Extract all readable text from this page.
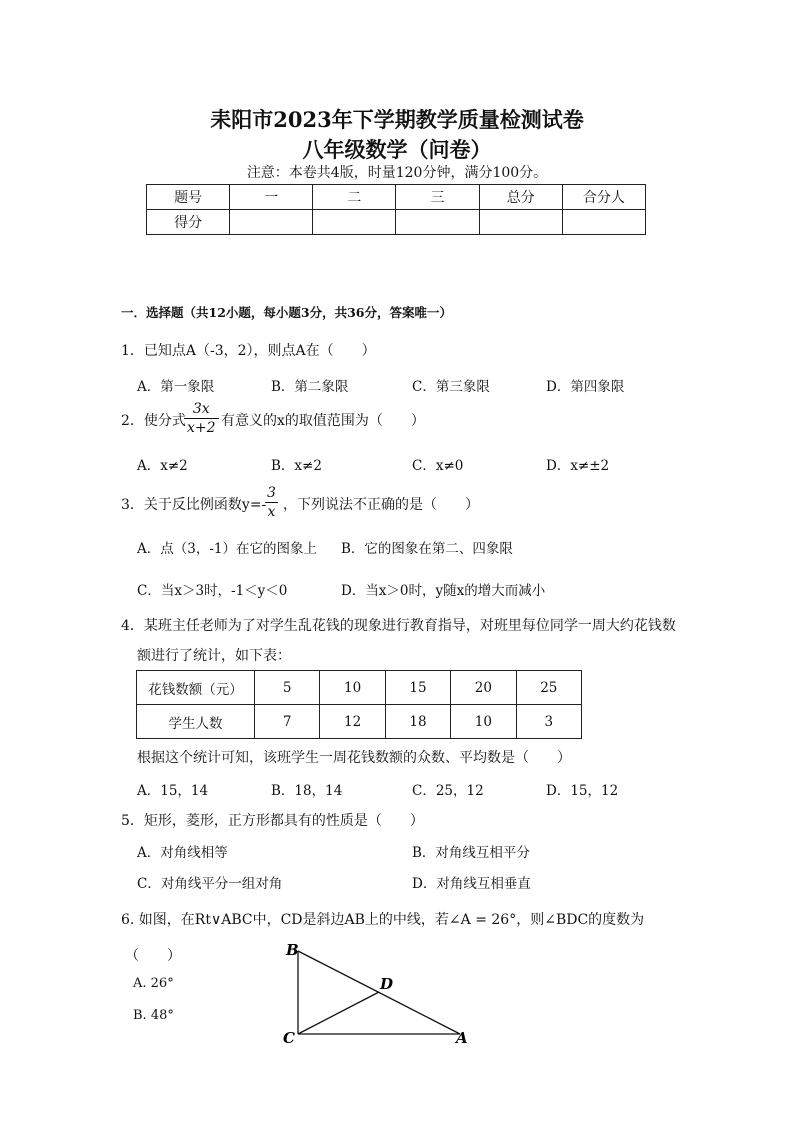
耒阳市2023年下学期教学质量检测试卷
八年级数学（问卷）
注意：本卷共4版，时量120分钟，满分100分。
题号	一	二	三	总分	合分人
得分					
一．选择题（共12小题，每小题3分，共36分，答案唯一）
1．已知点A（-3，2），则点A在（　　）
A．第一象限	B．第二象限	C．第三象限	D．第四象限
2．使分式
$\frac{3x}{x+2}$ 有意义的x的取值范围为（　　）
A．x≠2	B．x≠2	C．x≠0	D．x≠±2
3．关于反比例函数y=-
$\frac{3}{x}$ ，下列说法不正确的是（　　）
A．点（3，-1）在它的图象上 B．它的图象在第二、四象限
C．当x＞3时，-1＜y＜0	D．当x＞0时，y随x的增大而减小
4．某班主任老师为了对学生乱花钱的现象进行教育指导，对班里每位同学一周大约花钱数
额进行了统计，如下表：
花钱数额（元）	5	10	15	20	25
学生人数	7	12	18	10	3
根据这个统计可知，该班学生一周花钱数额的众数、平均数是（　　）
A．15，14	B．18，14	C．25，12	D．15，12
5．矩形，菱形，正方形都具有的性质是（　　）
A．对角线相等	B．对角线互相平分
C．对角线平分一组对角	D．对角线互相垂直
6. 如图，在Rt∨ABC中，CD是斜边AB上的中线，若∠A = 26°，则∠BDC的度数为
（　　）
A. 26°
B. 48°
B
D
C	A
